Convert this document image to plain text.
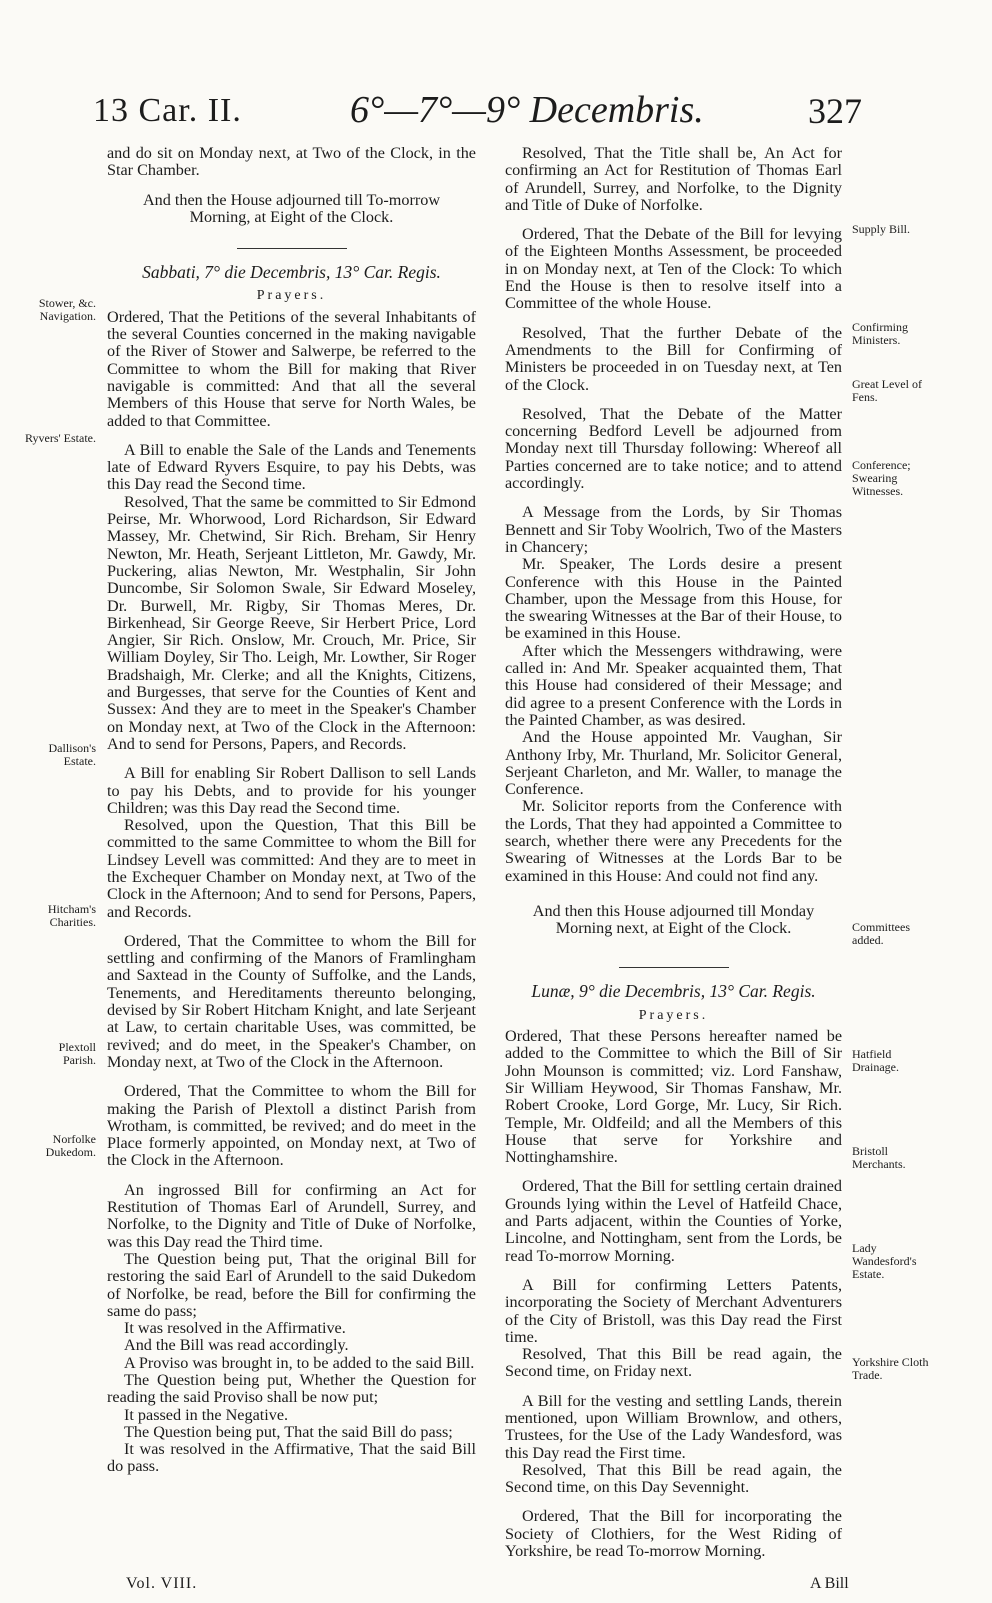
13 Car. II.	6°—7°—9° Decembris.	327
Stower, &c. Navigation.
Ryvers' Estate.
Dallison's Estate.
Hitcham's Charities.
Plextoll Parish.
Norfolke Dukedom.
Supply Bill.
Confirming Ministers.
Great Level of Fens.
Conference; Swearing Witnesses.
Committees added.
Hatfield Drainage.
Bristoll Merchants.
Lady Wandesford's Estate.
Yorkshire Cloth Trade.

and do sit on Monday next, at Two of the Clock, in the Star Chamber.

And then the House adjourned till To-morrow Morning, at Eight of the Clock.

Sabbati, 7° die Decembris, 13° Car. Regis.
Prayers.

Ordered, That the Petitions of the several Inhabitants of the several Counties concerned in the making navigable of the River of Stower and Salwerpe, be referred to the Committee to whom the Bill for making that River navigable is committed: And that all the several Members of this House that serve for North Wales, be added to that Committee.

A Bill to enable the Sale of the Lands and Tenements late of Edward Ryvers Esquire, to pay his Debts, was this Day read the Second time.

Resolved, That the same be committed to Sir Edmond Peirse, Mr. Whorwood, Lord Richardson, Sir Edward Massey, Mr. Chetwind, Sir Rich. Breham, Sir Henry Newton, Mr. Heath, Serjeant Littleton, Mr. Gawdy, Mr. Puckering, alias Newton, Mr. Westphalin, Sir John Duncombe, Sir Solomon Swale, Sir Edward Moseley, Dr. Burwell, Mr. Rigby, Sir Thomas Meres, Dr. Birkenhead, Sir George Reeve, Sir Herbert Price, Lord Angier, Sir Rich. Onslow, Mr. Crouch, Mr. Price, Sir William Doyley, Sir Tho. Leigh, Mr. Lowther, Sir Roger Bradshaigh, Mr. Clerke; and all the Knights, Citizens, and Burgesses, that serve for the Counties of Kent and Sussex: And they are to meet in the Speaker's Chamber on Monday next, at Two of the Clock in the Afternoon: And to send for Persons, Papers, and Records.

A Bill for enabling Sir Robert Dallison to sell Lands to pay his Debts, and to provide for his younger Children; was this Day read the Second time.

Resolved, upon the Question, That this Bill be committed to the same Committee to whom the Bill for Lindsey Levell was committed: And they are to meet in the Exchequer Chamber on Monday next, at Two of the Clock in the Afternoon; And to send for Persons, Papers, and Records.

Ordered, That the Committee to whom the Bill for settling and confirming of the Manors of Framlingham and Saxtead in the County of Suffolke, and the Lands, Tenements, and Hereditaments thereunto belonging, devised by Sir Robert Hitcham Knight, and late Serjeant at Law, to certain charitable Uses, was committed, be revived; and do meet, in the Speaker's Chamber, on Monday next, at Two of the Clock in the Afternoon.

Ordered, That the Committee to whom the Bill for making the Parish of Plextoll a distinct Parish from Wrotham, is committed, be revived; and do meet in the Place formerly appointed, on Monday next, at Two of the Clock in the Afternoon.

An ingrossed Bill for confirming an Act for Restitution of Thomas Earl of Arundell, Surrey, and Norfolke, to the Dignity and Title of Duke of Norfolke, was this Day read the Third time.

The Question being put, That the original Bill for restoring the said Earl of Arundell to the said Dukedom of Norfolke, be read, before the Bill for confirming the same do pass;

It was resolved in the Affirmative.

And the Bill was read accordingly.

A Proviso was brought in, to be added to the said Bill.

The Question being put, Whether the Question for reading the said Proviso shall be now put;

It passed in the Negative.

The Question being put, That the said Bill do pass;

It was resolved in the Affirmative, That the said Bill do pass.

Resolved, That the Title shall be, An Act for confirming an Act for Restitution of Thomas Earl of Arundell, Surrey, and Norfolke, to the Dignity and Title of Duke of Norfolke.

Ordered, That the Debate of the Bill for levying of the Eighteen Months Assessment, be proceeded in on Monday next, at Ten of the Clock: To which End the House is then to resolve itself into a Committee of the whole House.

Resolved, That the further Debate of the Amendments to the Bill for Confirming of Ministers be proceeded in on Tuesday next, at Ten of the Clock.

Resolved, That the Debate of the Matter concerning Bedford Levell be adjourned from Monday next till Thursday following: Whereof all Parties concerned are to take notice; and to attend accordingly.

A Message from the Lords, by Sir Thomas Bennett and Sir Toby Woolrich, Two of the Masters in Chancery;

Mr. Speaker, The Lords desire a present Conference with this House in the Painted Chamber, upon the Message from this House, for the swearing Witnesses at the Bar of their House, to be examined in this House.

After which the Messengers withdrawing, were called in: And Mr. Speaker acquainted them, That this House had considered of their Message; and did agree to a present Conference with the Lords in the Painted Chamber, as was desired.

And the House appointed Mr. Vaughan, Sir Anthony Irby, Mr. Thurland, Mr. Solicitor General, Serjeant Charleton, and Mr. Waller, to manage the Conference.

Mr. Solicitor reports from the Conference with the Lords, That they had appointed a Committee to search, whether there were any Precedents for the Swearing of Witnesses at the Lords Bar to be examined in this House: And could not find any.

And then this House adjourned till Monday Morning next, at Eight of the Clock.

Lunæ, 9° die Decembris, 13° Car. Regis.
Prayers.

Ordered, That these Persons hereafter named be added to the Committee to which the Bill of Sir John Mounson is committed; viz. Lord Fanshaw, Sir William Heywood, Sir Thomas Fanshaw, Mr. Robert Crooke, Lord Gorge, Mr. Lucy, Sir Rich. Temple, Mr. Oldfeild; and all the Members of this House that serve for Yorkshire and Nottinghamshire.

Ordered, That the Bill for settling certain drained Grounds lying within the Level of Hatfeild Chace, and Parts adjacent, within the Counties of Yorke, Lincolne, and Nottingham, sent from the Lords, be read To-morrow Morning.

A Bill for confirming Letters Patents, incorporating the Society of Merchant Adventurers of the City of Bristoll, was this Day read the First time.

Resolved, That this Bill be read again, the Second time, on Friday next.

A Bill for the vesting and settling Lands, therein mentioned, upon William Brownlow, and others, Trustees, for the Use of the Lady Wandesford, was this Day read the First time.

Resolved, That this Bill be read again, the Second time, on this Day Sevennight.

Ordered, That the Bill for incorporating the Society of Clothiers, for the West Riding of Yorkshire, be read To-morrow Morning.

Vol. VIII.	A Bill
